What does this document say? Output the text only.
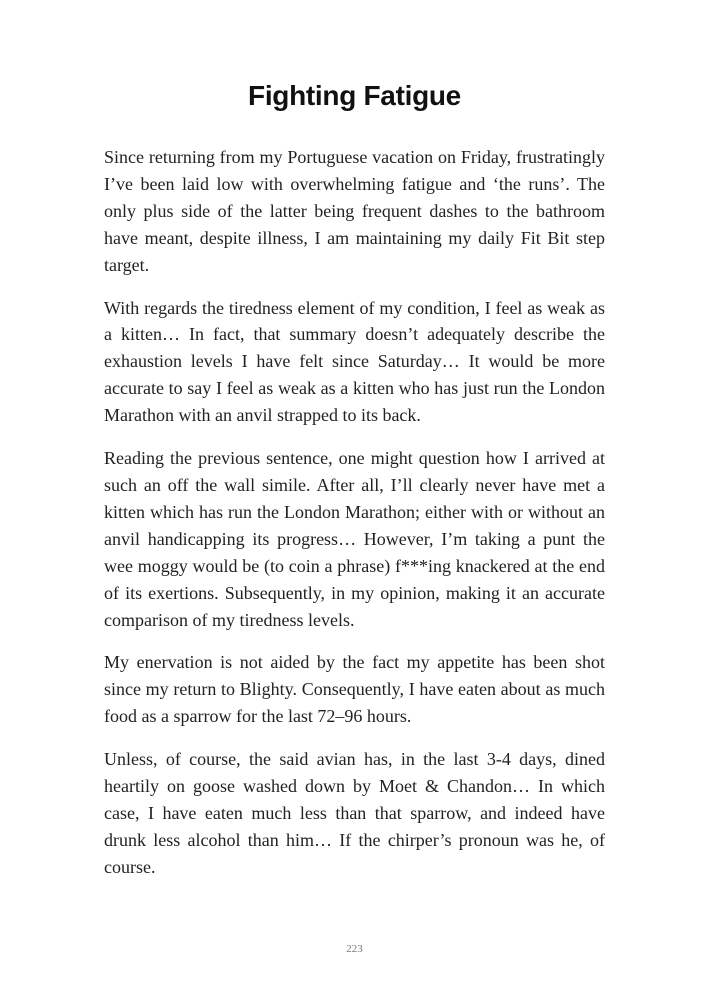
Fighting Fatigue

Since returning from my Portuguese vacation on Friday, frustratingly I’ve been laid low with overwhelming fatigue and ‘the runs’. The only plus side of the latter being frequent dashes to the bathroom have meant, despite illness, I am maintaining my daily Fit Bit step target.

With regards the tiredness element of my condition, I feel as weak as a kitten… In fact, that summary doesn’t adequately describe the exhaustion levels I have felt since Saturday… It would be more accurate to say I feel as weak as a kitten who has just run the London Marathon with an anvil strapped to its back.

Reading the previous sentence, one might question how I arrived at such an off the wall simile. After all, I’ll clearly never have met a kitten which has run the London Marathon; either with or without an anvil handicapping its progress… However, I’m taking a punt the wee moggy would be (to coin a phrase) f***ing knackered at the end of its exertions. Subsequently, in my opinion, making it an accurate comparison of my tiredness levels.

My enervation is not aided by the fact my appetite has been shot since my return to Blighty. Consequently, I have eaten about as much food as a sparrow for the last 72–96 hours.

Unless, of course, the said avian has, in the last 3-4 days, dined heartily on goose washed down by Moet & Chandon… In which case, I have eaten much less than that sparrow, and indeed have drunk less alcohol than him… If the chirper’s pronoun was he, of course.

223
